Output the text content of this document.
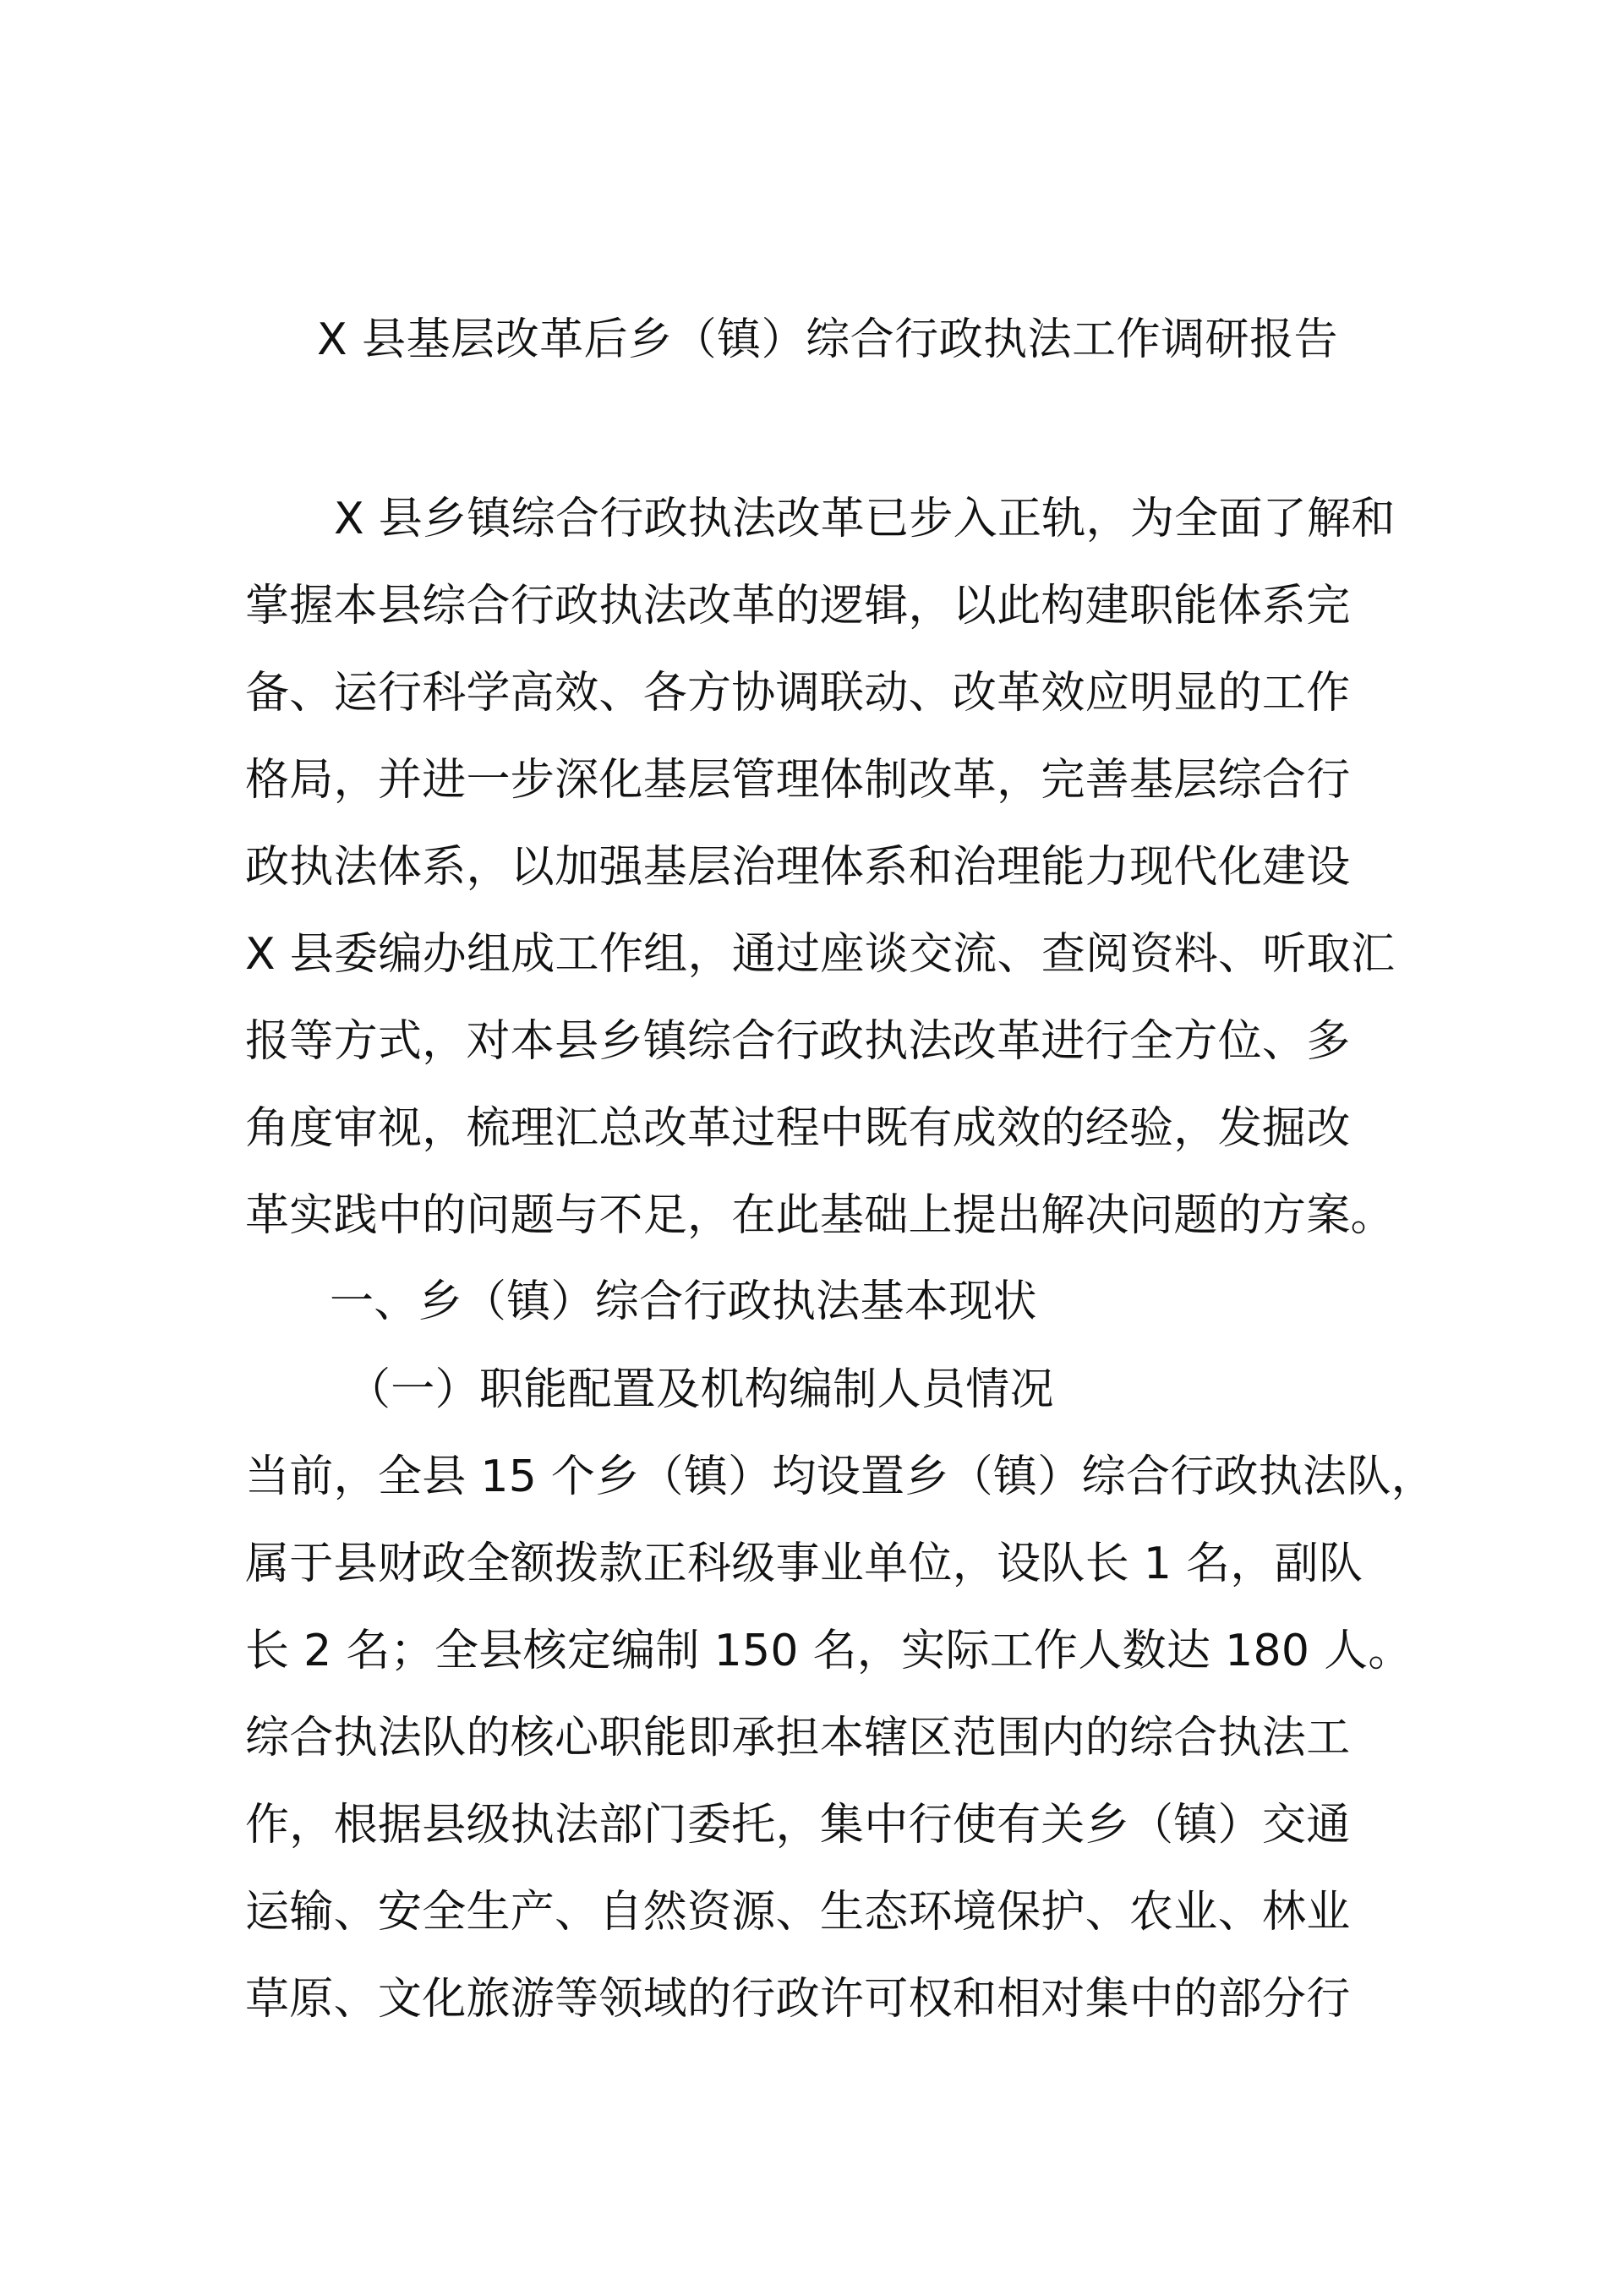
X 县基层改革后乡（镇）综合行政执法工作调研报告
X 县乡镇综合行政执法改革已步入正轨，为全面了解和
掌握本县综合行政执法改革的逻辑，以此构建职能体系完
备、运行科学高效、各方协调联动、改革效应明显的工作
格局，并进一步深化基层管理体制改革，完善基层综合行
政执法体系，以加强基层治理体系和治理能力现代化建设
X 县委编办组成工作组，通过座谈交流、查阅资料、听取汇
报等方式，对本县乡镇综合行政执法改革进行全方位、多
角度审视，梳理汇总改革过程中既有成效的经验，发掘改
革实践中的问题与不足，在此基础上提出解决问题的方案。
一、乡（镇）综合行政执法基本现状
（一）职能配置及机构编制人员情况
当前，全县 15 个乡（镇）均设置乡（镇）综合行政执法队，
属于县财政全额拨款正科级事业单位，设队长 1 名，副队
长 2 名；全县核定编制 150 名，实际工作人数达 180 人。
综合执法队的核心职能即承担本辖区范围内的综合执法工
作，根据县级执法部门委托，集中行使有关乡（镇）交通
运输、安全生产、自然资源、生态环境保护、农业、林业
草原、文化旅游等领域的行政许可权和相对集中的部分行
